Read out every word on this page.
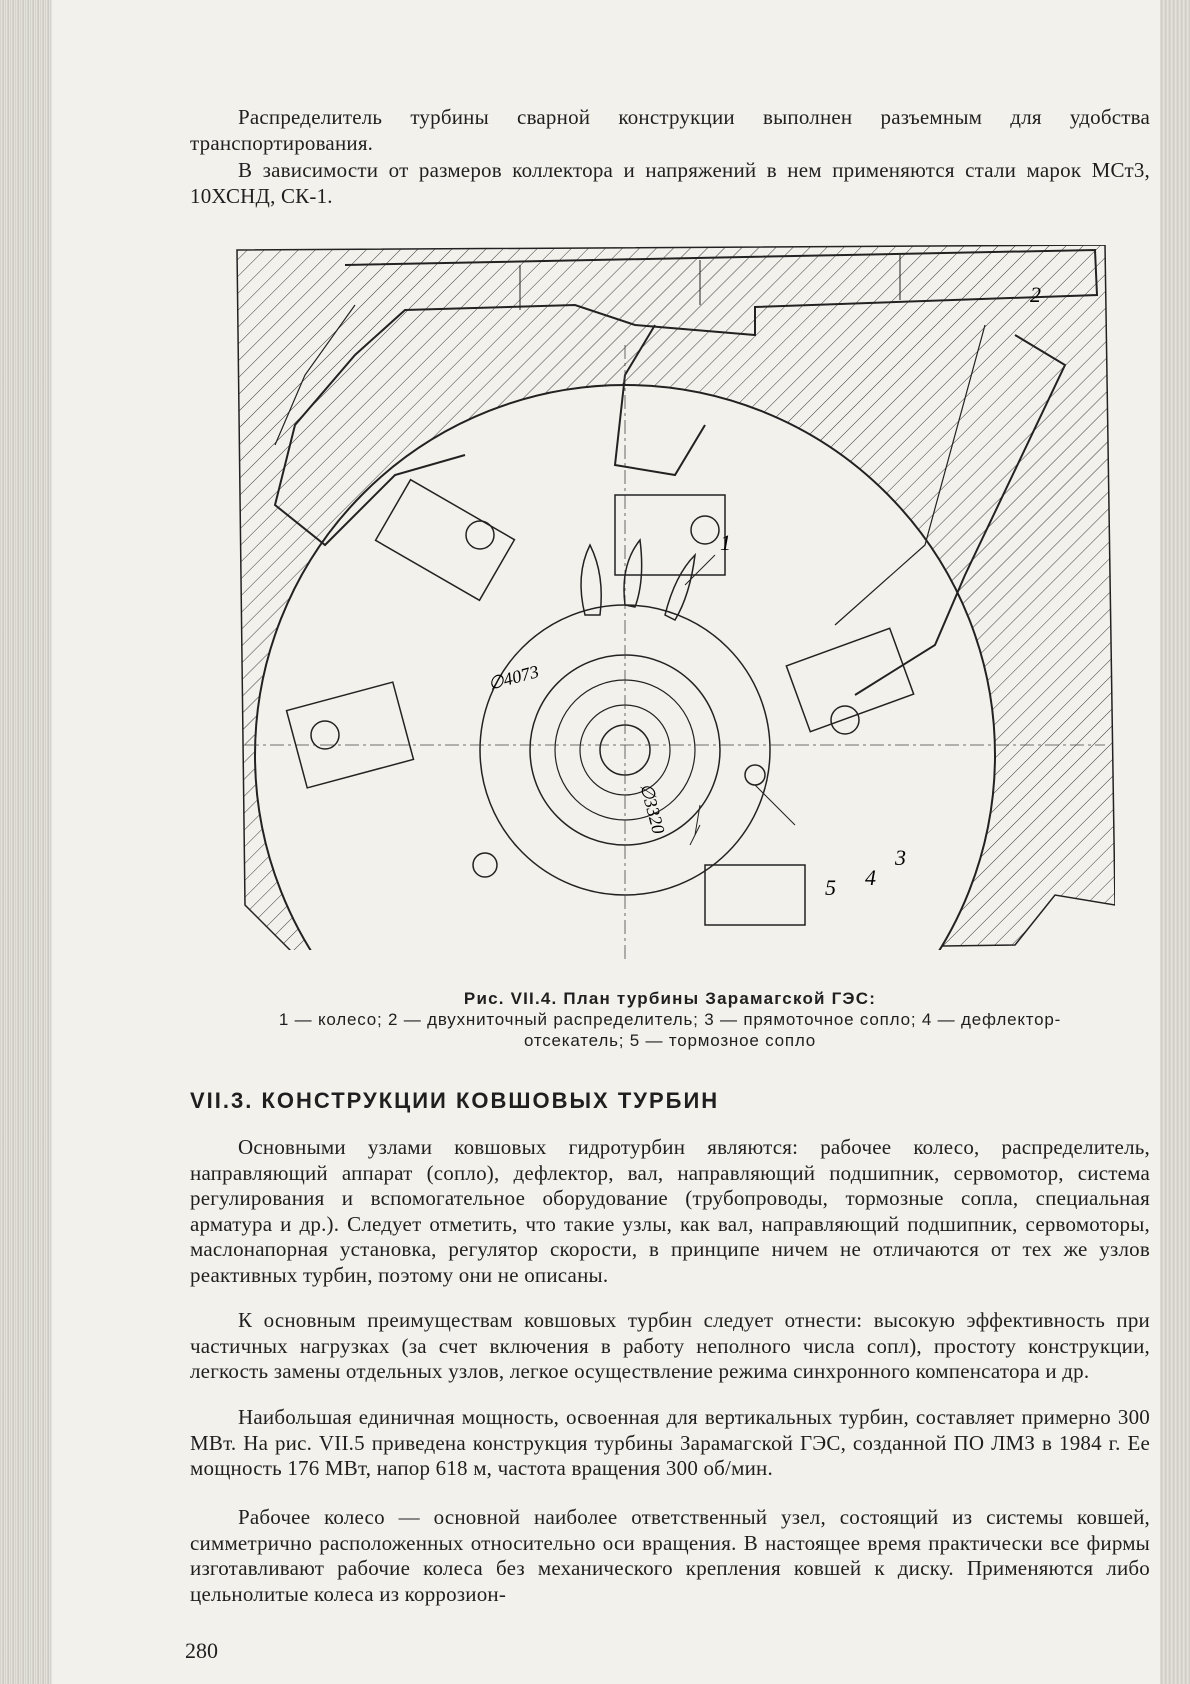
Распределитель турбины сварной конструкции выполнен разъемным для удобства транспортирования.

В зависимости от размеров коллектора и напряжений в нем применяются стали марок МСт3, 10ХСНД, СК-1.

∅4073
∅3320
1
2
3
4
5
Рис. VII.4. План турбины Зарамагской ГЭС:
1 — колесо; 2 — двухниточный распределитель; 3 — прямоточное сопло; 4 — дефлектор-
отсекатель; 5 — тормозное сопло
VII.3. КОНСТРУКЦИИ КОВШОВЫХ ТУРБИН

Основными узлами ковшовых гидротурбин являются: рабочее колесо, распределитель, направляющий аппарат (сопло), дефлектор, вал, направляющий подшипник, сервомотор, система регулирования и вспомогательное оборудование (трубопроводы, тормозные сопла, специальная арматура и др.). Следует отметить, что такие узлы, как вал, направляющий подшипник, сервомоторы, маслонапорная установка, регулятор скорости, в принципе ничем не отличаются от тех же узлов реактивных турбин, поэтому они не описаны.

К основным преимуществам ковшовых турбин следует отнести: высокую эффективность при частичных нагрузках (за счет включения в работу неполного числа сопл), простоту конструкции, легкость замены отдельных узлов, легкое осуществление режима синхронного компенсатора и др.

Наибольшая единичная мощность, освоенная для вертикальных турбин, составляет примерно 300 МВт. На рис. VII.5 приведена конструкция турбины Зарамагской ГЭС, созданной ПО ЛМЗ в 1984 г. Ее мощность 176 МВт, напор 618 м, частота вращения 300 об/мин.

Рабочее колесо — основной наиболее ответственный узел, состоящий из системы ковшей, симметрично расположенных относительно оси вращения. В настоящее время практически все фирмы изготавливают рабочие колеса без механического крепления ковшей к диску. Применяются либо цельнолитые колеса из коррозион-

280
